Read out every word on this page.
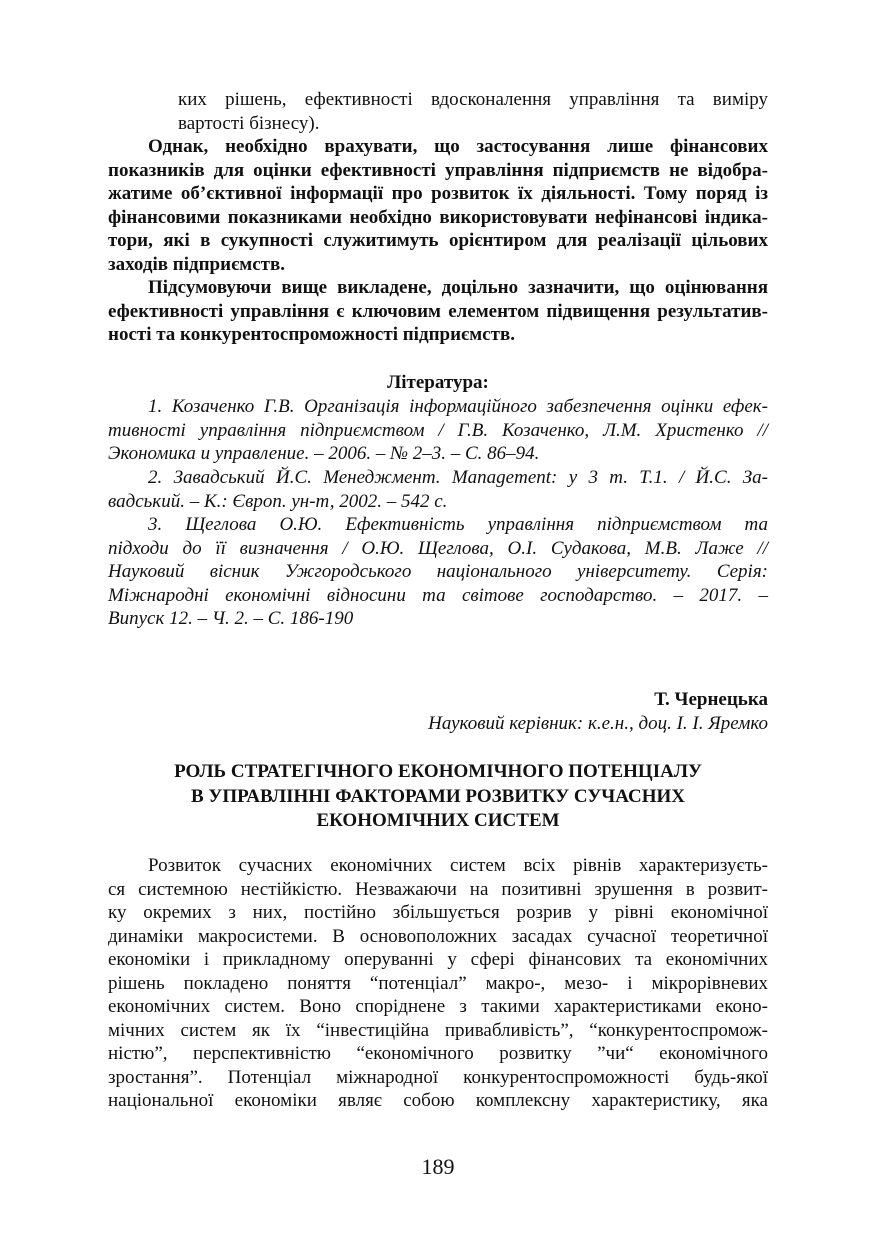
ких рішень, ефективності вдосконалення управління та виміру
вартості бізнесу).
Однак, необхідно врахувати, що застосування лише фінансових
показників для оцінки ефективності управління підприємств не відобра-
жатиме об’єктивної інформації про розвиток їх діяльності. Тому поряд із
фінансовими показниками необхідно використовувати нефінансові індика-
тори, які в сукупності служитимуть орієнтиром для реалізації цільових
заходів підприємств.
Підсумовуючи вище викладене, доцільно зазначити, що оцінювання
ефективності управління є ключовим елементом підвищення результатив-
ності та конкурентоспроможності підприємств.
Література:
1. Козаченко Г.В. Організація інформаційного забезпечення оцінки ефек-
тивності управління підприємством / Г.В. Козаченко, Л.М. Христенко //
Экономика и управление. – 2006. – № 2–3. – С. 86–94.
2. Завадський Й.С. Менеджмент. Management: у 3 т. Т.1. / Й.С. За-
вадський. – К.: Європ. ун-т, 2002. – 542 с.
3. Щеглова О.Ю. Ефективність управління підприємством та
підходи до її визначення / О.Ю. Щеглова, О.І. Судакова, М.В. Лаже //
Науковий вісник Ужгородського національного університету. Серія:
Міжнародні економічні відносини та світове господарство. – 2017. –
Випуск 12. – Ч. 2. – С. 186-190
Т. Чернецька
Науковий керівник: к.е.н., доц. І. І. Яремко
РОЛЬ СТРАТЕГІЧНОГО ЕКОНОМІЧНОГО ПОТЕНЦІАЛУ
В УПРАВЛІННІ ФАКТОРАМИ РОЗВИТКУ СУЧАСНИХ
ЕКОНОМІЧНИХ СИСТЕМ
Розвиток сучасних економічних систем всіх рівнів характеризуєть-
ся системною нестійкістю. Незважаючи на позитивні зрушення в розвит-
ку окремих з них, постійно збільшується розрив у рівні економічної
динаміки макросистеми. В основоположних засадах сучасної теоретичної
економіки і прикладному оперуванні у сфері фінансових та економічних
рішень покладено поняття “потенціал” макро-, мезо- і мікрорівневих
економічних систем. Воно споріднене з такими характеристиками еконо-
мічних систем як їх “інвестиційна привабливість”, “конкурентоспромож-
ністю”, перспективністю “економічного розвитку ”чи“ економічного
зростання”. Потенціал міжнародної конкурентоспроможності будь-якої
національної економіки являє собою комплексну характеристику, яка
189
